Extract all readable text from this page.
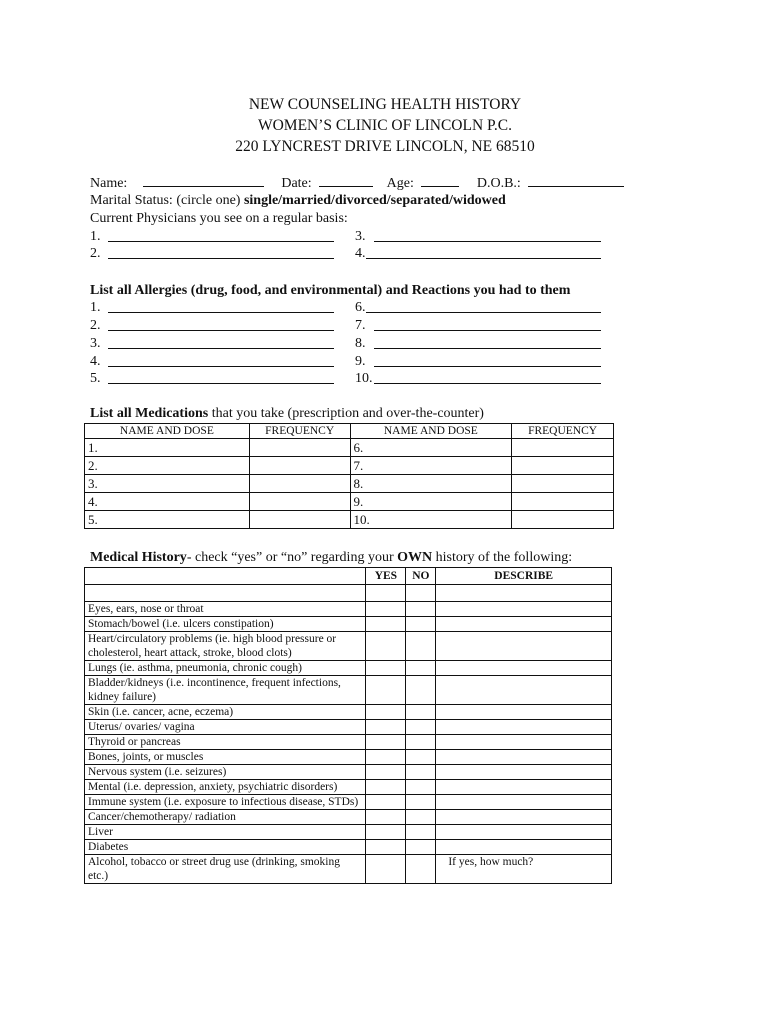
NEW COUNSELING HEALTH HISTORY
WOMEN’S CLINIC OF LINCOLN P.C.
220 LYNCREST DRIVE LINCOLN, NE 68510
Name:	Date:	Age:	D.O.B.:
Marital Status: (circle one) single/married/divorced/separated/widowed
Current Physicians you see on a regular basis:
1.
2.
3.
4.
List all Allergies (drug, food, and environmental) and Reactions you had to them
1.
2.
3.
4.
5.
6.
7.
8.
9.
10.
List all Medications that you take (prescription and over-the-counter)
NAME AND DOSE	FREQUENCY	NAME AND DOSE	FREQUENCY
1.		6.	
2.		7.	
3.		8.	
4.		9.	
5.		10.	
Medical History- check “yes” or “no” regarding your OWN history of the following:
	YES	NO	DESCRIBE

Eyes, ears, nose or throat			
Stomach/bowel (i.e. ulcers constipation)			
Heart/circulatory problems (ie. high blood pressure or cholesterol, heart attack, stroke, blood clots)			
Lungs (ie. asthma, pneumonia, chronic cough)			
Bladder/kidneys (i.e. incontinence, frequent infections, kidney failure)			
Skin (i.e. cancer, acne, eczema)			
Uterus/ ovaries/ vagina			
Thyroid or pancreas			
Bones, joints, or muscles			
Nervous system (i.e. seizures)			
Mental (i.e. depression, anxiety, psychiatric disorders)			
Immune system (i.e. exposure to infectious disease, STDs)			
Cancer/chemotherapy/ radiation			
Liver			
Diabetes			
Alcohol, tobacco or street drug use (drinking, smoking etc.)			If yes, how much?
